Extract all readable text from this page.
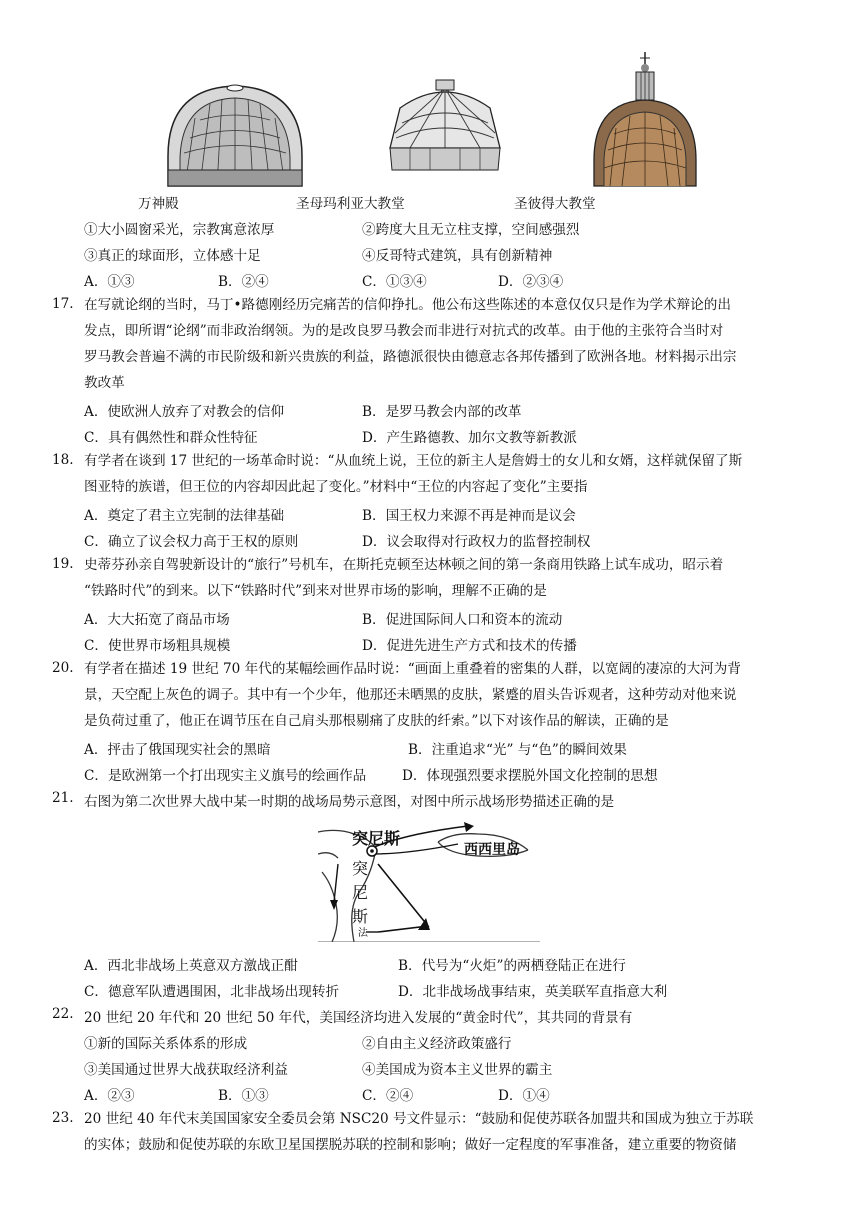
万神殿	圣母玛利亚大教堂	圣彼得大教堂
①大小圆窗采光，宗教寓意浓厚	②跨度大且无立柱支撑，空间感强烈
③真正的球面形，立体感十足	④反哥特式建筑，具有创新精神
A．①③	B．②④	C．①③④	D．②③④
17. 在写就论纲的当时，马丁•路德刚经历完痛苦的信仰挣扎。他公布这些陈述的本意仅仅只是作为学术辩论的出

发点，即所谓“论纲”而非政治纲领。为的是改良罗马教会而非进行对抗式的改革。由于他的主张符合当时对

罗马教会普遍不满的市民阶级和新兴贵族的利益，路德派很快由德意志各邦传播到了欧洲各地。材料揭示出宗

教改革

A．使欧洲人放弃了对教会的信仰	B．是罗马教会内部的改革
C．具有偶然性和群众性特征	D．产生路德教、加尔文教等新教派
18. 有学者在谈到 17 世纪的一场革命时说：“从血统上说，王位的新主人是詹姆士的女儿和女婿，这样就保留了斯

图亚特的族谱，但王位的内容却因此起了变化。”材料中“王位的内容起了变化”主要指

A．奠定了君主立宪制的法律基础	B．国王权力来源不再是神而是议会
C．确立了议会权力高于王权的原则	D．议会取得对行政权力的监督控制权
19. 史蒂芬孙亲自驾驶新设计的“旅行”号机车，在斯托克顿至达林顿之间的第一条商用铁路上试车成功，昭示着

“铁路时代”的到来。以下“铁路时代”到来对世界市场的影响，理解不正确的是

A．大大拓宽了商品市场	B．促进国际间人口和资本的流动
C．使世界市场粗具规模	D．促进先进生产方式和技术的传播
20. 有学者在描述 19 世纪 70 年代的某幅绘画作品时说：“画面上重叠着的密集的人群，以宽阔的凄凉的大河为背

景，天空配上灰色的调子。其中有一个少年，他那还未晒黑的皮肤，紧蹙的眉头告诉观者，这种劳动对他来说

是负荷过重了，他正在调节压在自己肩头那根剔痛了皮肤的纤索。”以下对该作品的解读，正确的是

A．抨击了俄国现实社会的黑暗	B．注重追求“光” 与“色”的瞬间效果
C．是欧洲第一个打出现实主义旗号的绘画作品	D．体现强烈要求摆脱外国文化控制的思想
21. 右图为第二次世界大战中某一时期的战场局势示意图，对图中所示战场形势描述正确的是
突尼斯
西西里岛
突
尼
斯
法
A．西北非战场上英意双方激战正酣	B．代号为“火炬”的两栖登陆正在进行
C．德意军队遭遇围困，北非战场出现转折	D．北非战场战事结束，英美联军直指意大利
22. 20 世纪 20 年代和 20 世纪 50 年代，美国经济均进入发展的“黄金时代”，其共同的背景有
①新的国际关系体系的形成	②自由主义经济政策盛行
③美国通过世界大战获取经济利益	④美国成为资本主义世界的霸主
A．②③	B．①③	C．②④	D．①④
23. 20 世纪 40 年代末美国国家安全委员会第 NSC20 号文件显示：“鼓励和促使苏联各加盟共和国成为独立于苏联

的实体；鼓励和促使苏联的东欧卫星国摆脱苏联的控制和影响；做好一定程度的军事准备，建立重要的物资储
